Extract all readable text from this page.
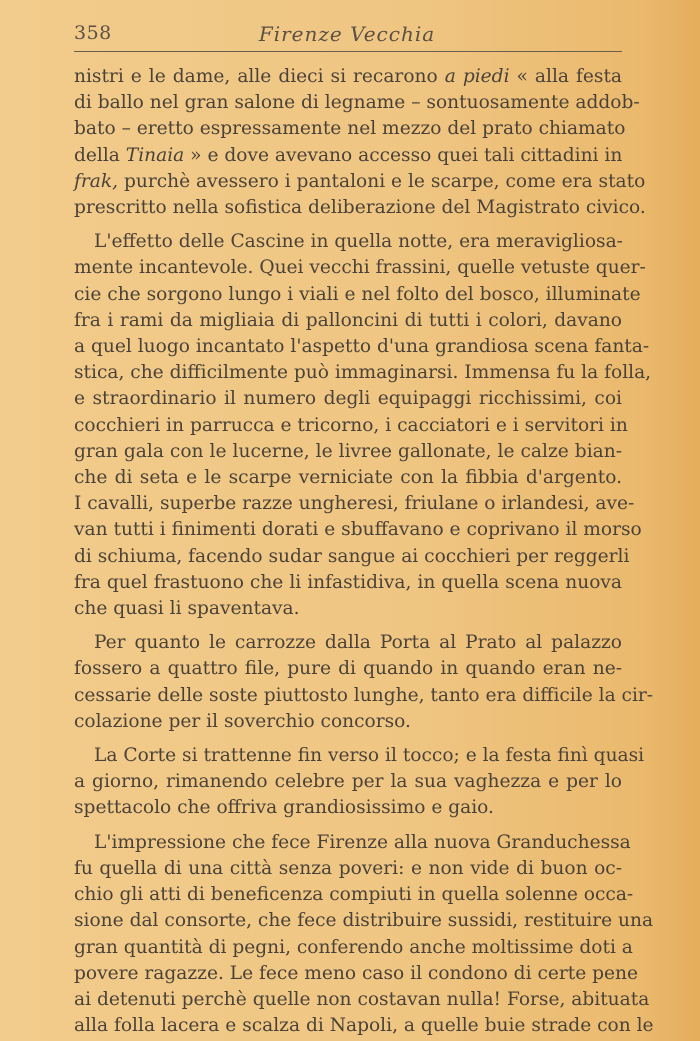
358	Firenze Vecchia

nistri e le dame, alle dieci si recarono a piedi « alla festa
di ballo nel gran salone di legname – sontuosamente addob-
bato – eretto espressamente nel mezzo del prato chiamato
della Tinaia » e dove avevano accesso quei tali cittadini in
frak, purchè avessero i pantaloni e le scarpe, come era stato
prescritto nella sofistica deliberazione del Magistrato civico.

L'effetto delle Cascine in quella notte, era meravigliosa-
mente incantevole. Quei vecchi frassini, quelle vetuste quer-
cie che sorgono lungo i viali e nel folto del bosco, illuminate
fra i rami da migliaia di palloncini di tutti i colori, davano
a quel luogo incantato l'aspetto d'una grandiosa scena fanta-
stica, che difficilmente può immaginarsi. Immensa fu la folla,
e straordinario il numero degli equipaggi ricchissimi, coi
cocchieri in parrucca e tricorno, i cacciatori e i servitori in
gran gala con le lucerne, le livree gallonate, le calze bian-
che di seta e le scarpe verniciate con la fibbia d'argento.
I cavalli, superbe razze ungheresi, friulane o irlandesi, ave-
van tutti i finimenti dorati e sbuffavano e coprivano il morso
di schiuma, facendo sudar sangue ai cocchieri per reggerli
fra quel frastuono che li infastidiva, in quella scena nuova
che quasi li spaventava.

Per quanto le carrozze dalla Porta al Prato al palazzo
fossero a quattro file, pure di quando in quando eran ne-
cessarie delle soste piuttosto lunghe, tanto era difficile la cir-
colazione per il soverchio concorso.

La Corte si trattenne fin verso il tocco; e la festa finì quasi
a giorno, rimanendo celebre per la sua vaghezza e per lo
spettacolo che offriva grandiosissimo e gaio.

L'impressione che fece Firenze alla nuova Granduchessa
fu quella di una città senza poveri: e non vide di buon oc-
chio gli atti di beneficenza compiuti in quella solenne occa-
sione dal consorte, che fece distribuire sussidi, restituire una
gran quantità di pegni, conferendo anche moltissime doti a
povere ragazze. Le fece meno caso il condono di certe pene
ai detenuti perchè quelle non costavan nulla! Forse, abituata
alla folla lacera e scalza di Napoli, a quelle buie strade con le
